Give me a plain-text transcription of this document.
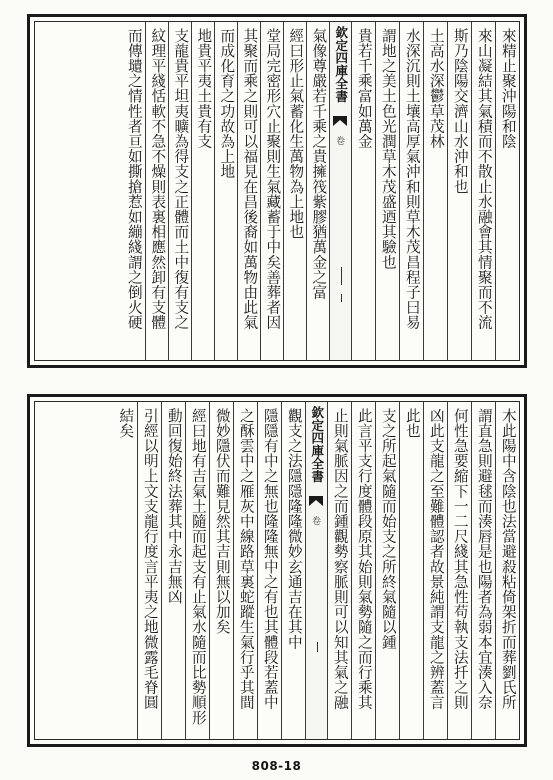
來精止聚沖陽和陰
來山凝結其氣積而不散止水融會其情聚而不流
斯乃陰陽交濟山水沖和也
土高水深鬱草茂林
水深沉則土壤高厚氣沖和則草木茂昌程子曰易
謂地之美土色光潤草木茂盛迺其驗也
貴若千乘富如萬金
欽定四庫全書
卷
氣像尊嚴若千乘之貴擁筏紫膠猶萬金之富
經曰形止氣蓄化生萬物為上地也
堂局完密形穴止聚則生氣藏蓄于中矣善葬者因
其聚而乘之則可以福見在昌後裔如萬物由此氣
而成化育之功故為上地
地貴平夷土貴有支
支龍貴平坦夷曠為得支之正體而土中復有支之
紋理平綫恬軟不急不燥則表裏相應然卸有支體
而傳壝之情性者亘如撕搶惹如繃綫謂之倒火硬
木此陽中含陰也法當避殺粘倚架折而葬劉氏所
謂直急則避毬而湊唇是也陽者為弱本宜湊入奈
何性急要縮下一二尺綫其急性苟執支法扦之則
凶此支龍之至難體認者故景純謂支龍之辨蓋言
此也
支之所起氣隨而始支之所終氣隨以鍾
此言平支行度體段原其始則氣勢隨之而行乘其
止則氣脈因之而鍾觀勢察脈則可以知其氣之融
欽定四庫全書
卷
觀支之法隱隱隆隆微妙玄通吉在其中
隱隱有中之無也隆隆無中之有也其體段若蓋中
之酥雲中之雁灰中線路草裏蛇蹤生氣行乎其間
微妙隱伏而難見然其吉則無以加矣
經曰地有吉氣土隨而起支有止氣水隨而比勢順形
動回復始終法葬其中永吉無凶
引經以明上文支龍行度言平夷之地微露毛脊圓
結矣
808-18
